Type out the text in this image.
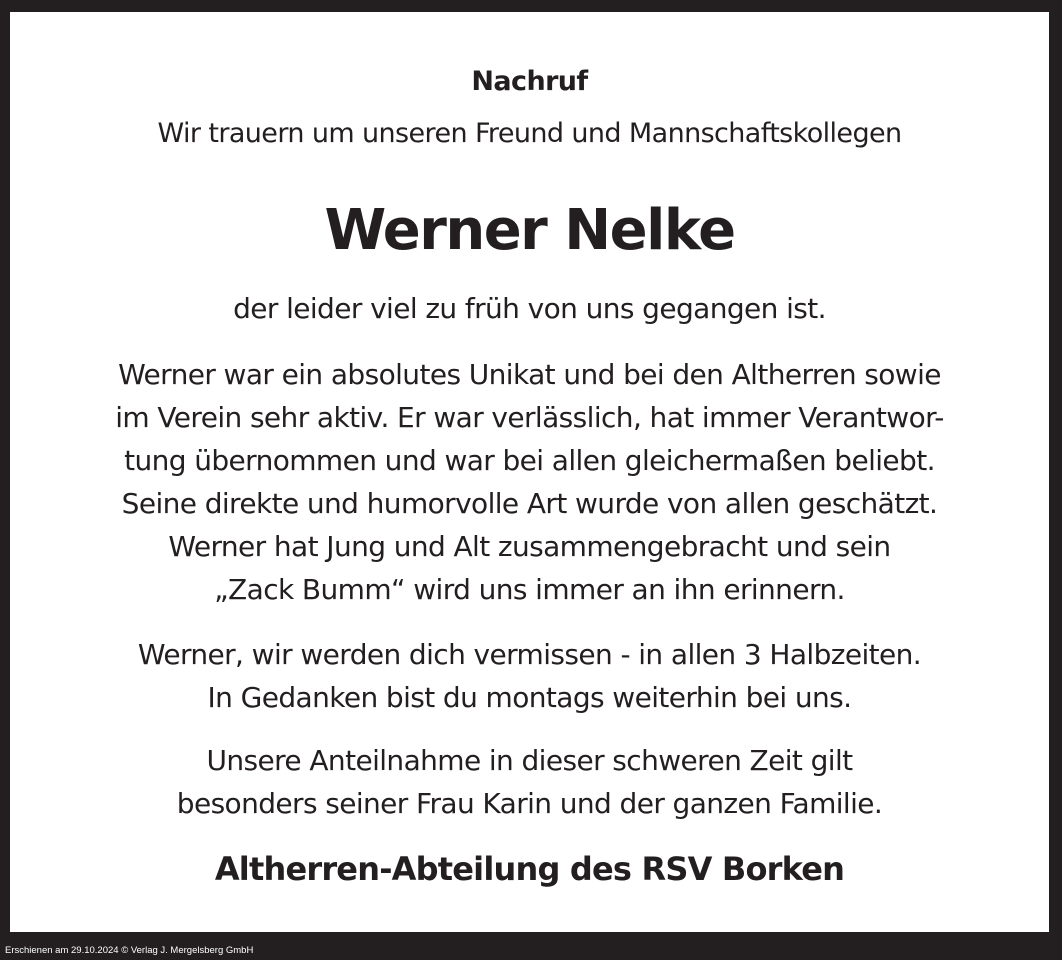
Nachruf
Wir trauern um unseren Freund und Mannschaftskollegen
Werner Nelke
der leider viel zu früh von uns gegangen ist.
Werner war ein absolutes Unikat und bei den Altherren sowie
im Verein sehr aktiv. Er war verlässlich, hat immer Verantwor-
tung übernommen und war bei allen gleichermaßen beliebt.
Seine direkte und humorvolle Art wurde von allen geschätzt.
Werner hat Jung und Alt zusammengebracht und sein
„Zack Bumm“ wird uns immer an ihn erinnern.
Werner, wir werden dich vermissen - in allen 3 Halbzeiten.
In Gedanken bist du montags weiterhin bei uns.
Unsere Anteilnahme in dieser schweren Zeit gilt
besonders seiner Frau Karin und der ganzen Familie.
Altherren-Abteilung des RSV Borken
Erschienen am 29.10.2024 © Verlag J. Mergelsberg GmbH
